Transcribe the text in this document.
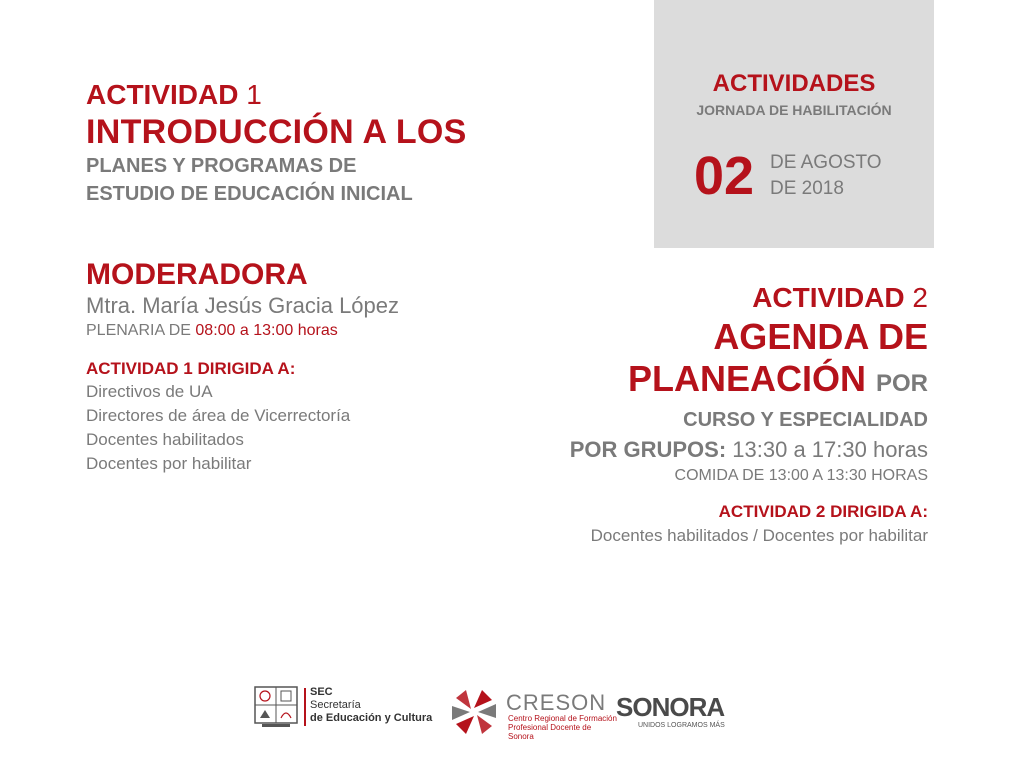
ACTIVIDAD 1
INTRODUCCIÓN A LOS
PLANES Y PROGRAMAS DE
ESTUDIO DE EDUCACIÓN INICIAL
MODERADORA
Mtra. María Jesús Gracia López
PLENARIA DE 08:00 a 13:00 horas
ACTIVIDAD 1 DIRIGIDA A:
Directivos de UA
Directores de área de Vicerrectoría
Docentes habilitados
Docentes por habilitar
ACTIVIDADES
JORNADA DE HABILITACIÓN
02 DE AGOSTO
DE 2018
ACTIVIDAD 2
AGENDA DE
PLANEACIÓN POR
CURSO Y ESPECIALIDAD
POR GRUPOS: 13:30 a 17:30 horas
COMIDA DE 13:00 A 13:30 HORAS
ACTIVIDAD 2 DIRIGIDA A:
Docentes habilitados / Docentes por habilitar
SEC
Secretaría
de Educación y Cultura
CRESON
Centro Regional de Formación Profesional Docente de Sonora
SONORA
UNIDOS LOGRAMOS MÁS
